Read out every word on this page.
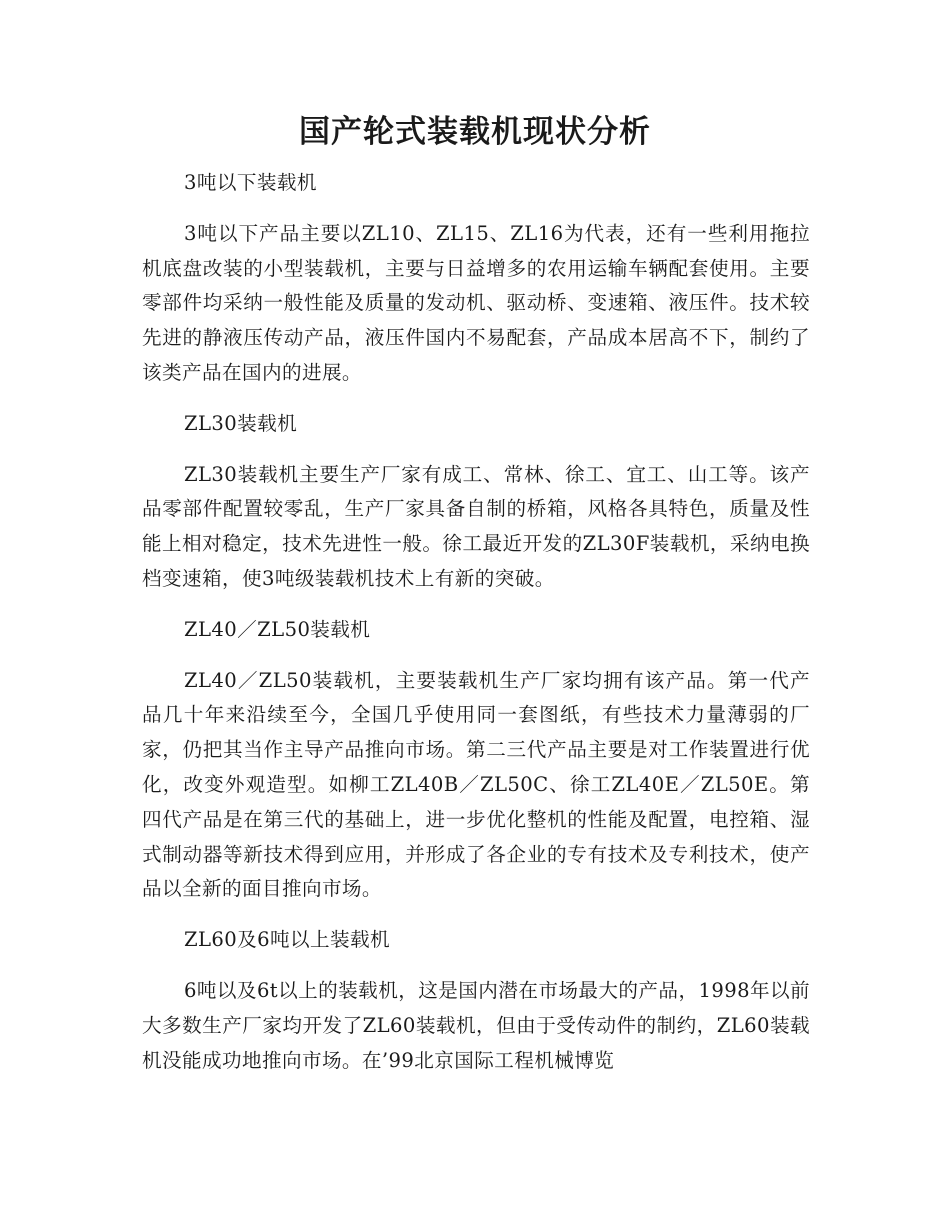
国产轮式装载机现状分析

3吨以下装载机

3吨以下产品主要以ZL10、ZL15、ZL16为代表，还有一些利用拖拉机底盘改装的小型装载机，主要与日益增多的农用运输车辆配套使用。主要零部件均采纳一般性能及质量的发动机、驱动桥、变速箱、液压件。技术较先进的静液压传动产品，液压件国内不易配套，产品成本居高不下，制约了该类产品在国内的进展。

ZL30装载机

ZL30装载机主要生产厂家有成工、常林、徐工、宜工、山工等。该产品零部件配置较零乱，生产厂家具备自制的桥箱，风格各具特色，质量及性能上相对稳定，技术先进性一般。徐工最近开发的ZL30F装载机，采纳电换档变速箱，使3吨级装载机技术上有新的突破。

ZL40／ZL50装载机

ZL40／ZL50装载机，主要装载机生产厂家均拥有该产品。第一代产品几十年来沿续至今，全国几乎使用同一套图纸，有些技术力量薄弱的厂家，仍把其当作主导产品推向市场。第二三代产品主要是对工作装置进行优化，改变外观造型。如柳工ZL40B／ZL50C、徐工ZL40E／ZL50E。第四代产品是在第三代的基础上，进一步优化整机的性能及配置，电控箱、湿式制动器等新技术得到应用，并形成了各企业的专有技术及专利技术，使产品以全新的面目推向市场。

ZL60及6吨以上装载机

6吨以及6t以上的装载机，这是国内潜在市场最大的产品，1998年以前大多数生产厂家均开发了ZL60装载机，但由于受传动件的制约，ZL60装载机没能成功地推向市场。在’99北京国际工程机械博览
